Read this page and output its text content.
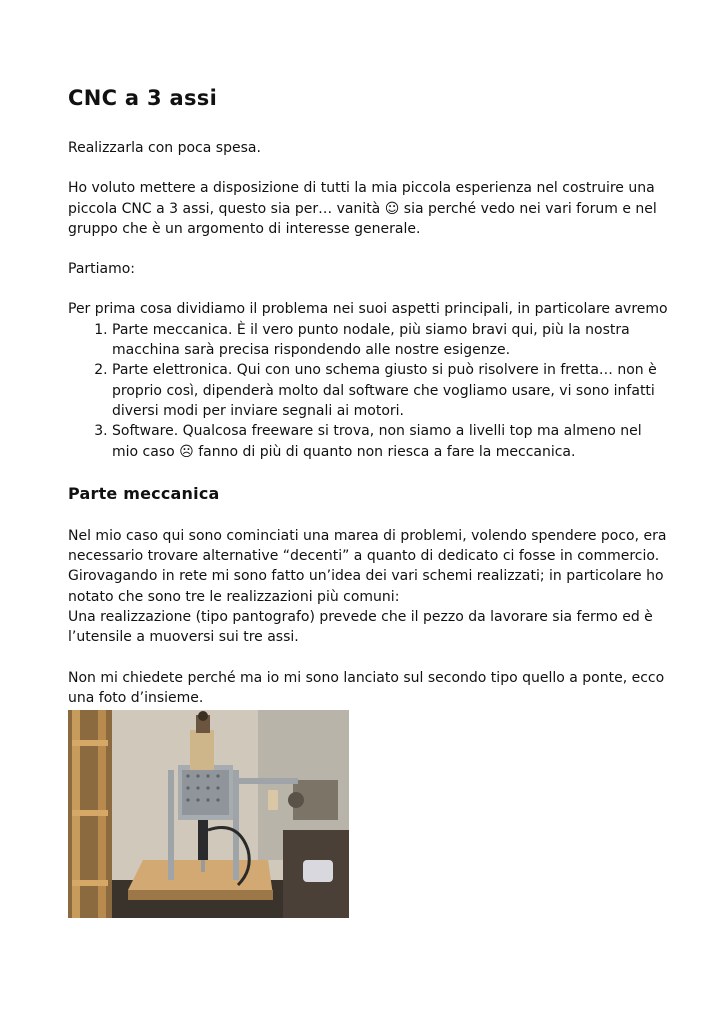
CNC a 3 assi

Realizzarla con poca spesa.

Ho voluto mettere a disposizione di tutti la mia piccola esperienza nel costruire una piccola CNC a 3 assi, questo sia per… vanità ☺ sia perché vedo nei vari forum e nel gruppo che è un argomento di interesse generale.

Partiamo:

Per prima cosa dividiamo il problema nei suoi aspetti principali, in particolare avremo

1. Parte meccanica. È il vero punto nodale, più siamo bravi qui, più la nostra macchina sarà precisa rispondendo alle nostre esigenze.
2. Parte elettronica. Qui con uno schema giusto si può risolvere in fretta… non è proprio così, dipenderà molto dal software che vogliamo usare, vi sono infatti diversi modi per inviare segnali ai motori.
3. Software. Qualcosa freeware si trova, non siamo a livelli top ma almeno nel mio caso ☹ fanno di più di quanto non riesca a fare la meccanica.
Parte meccanica

Nel mio caso qui sono cominciati una marea di problemi, volendo spendere poco, era necessario trovare alternative “decenti” a quanto di dedicato ci fosse in commercio. Girovagando in rete mi sono fatto un’idea dei vari schemi realizzati; in particolare ho notato che sono tre le realizzazioni più comuni:

Una realizzazione (tipo pantografo) prevede che il pezzo da lavorare sia fermo ed è l’utensile a muoversi sui tre assi.

Non mi chiedete perché ma io mi sono lanciato sul secondo tipo quello a ponte, ecco una foto d’insieme.
